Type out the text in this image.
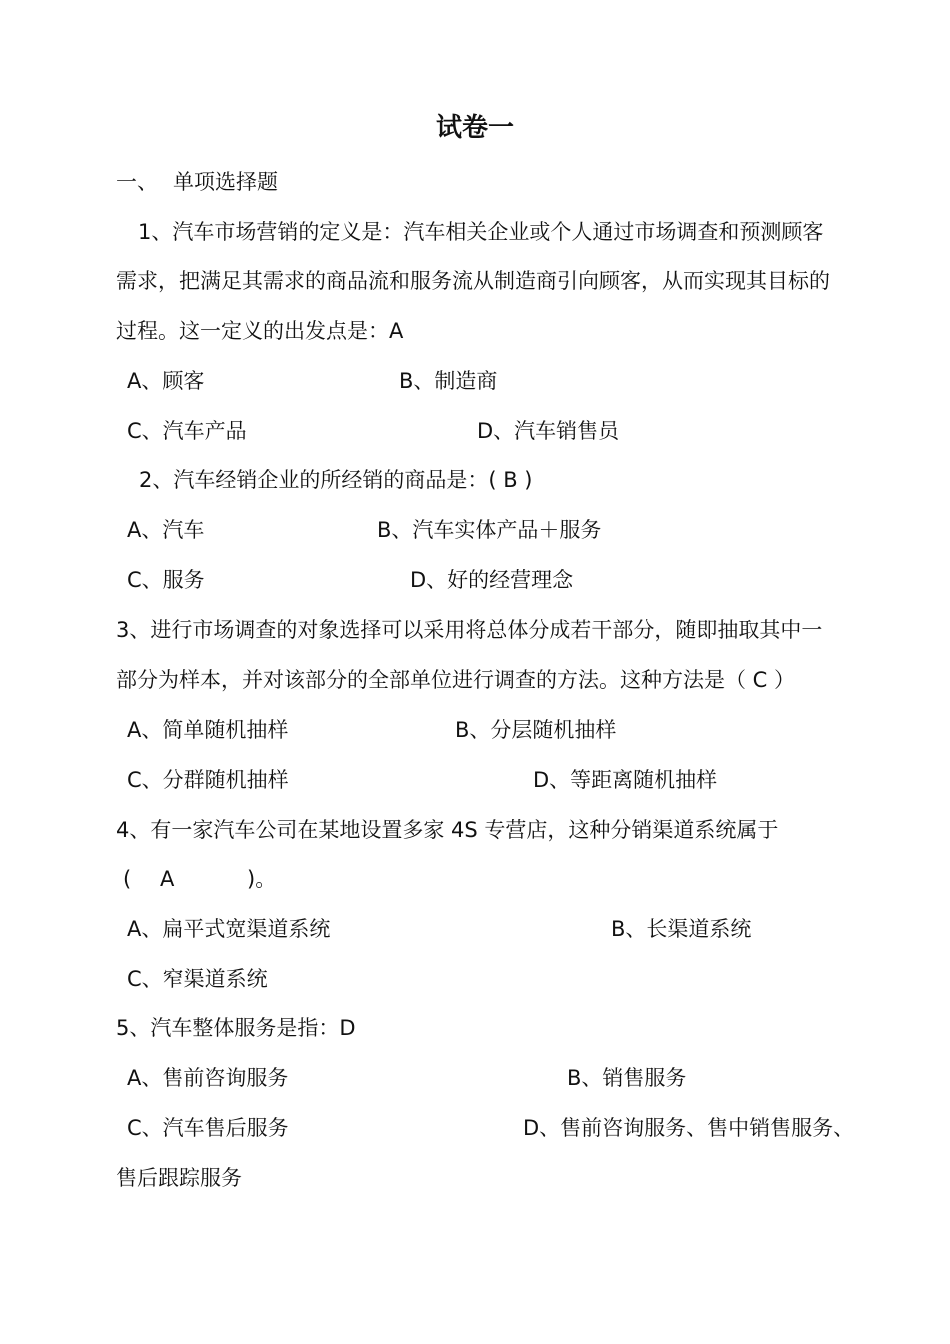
试卷一
一、 单项选择题
1、汽车市场营销的定义是：汽车相关企业或个人通过市场调查和预测顾客
需求，把满足其需求的商品流和服务流从制造商引向顾客，从而实现其目标的
过程。这一定义的出发点是：A
A、顾客	B、制造商
C、汽车产品	D、汽车销售员
2、汽车经销企业的所经销的商品是：( B )
A、汽车	B、汽车实体产品＋服务
C、服务	D、好的经营理念
3、进行市场调查的对象选择可以采用将总体分成若干部分，随即抽取其中一
部分为样本，并对该部分的全部单位进行调查的方法。这种方法是（ C ）
A、简单随机抽样	B、分层随机抽样
C、分群随机抽样	D、等距离随机抽样
4、有一家汽车公司在某地设置多家 4S 专营店，这种分销渠道系统属于
( A	)。
A、扁平式宽渠道系统	B、长渠道系统
C、窄渠道系统
5、汽车整体服务是指：D
A、售前咨询服务	B、销售服务
C、汽车售后服务	D、售前咨询服务、售中销售服务、
售后跟踪服务
